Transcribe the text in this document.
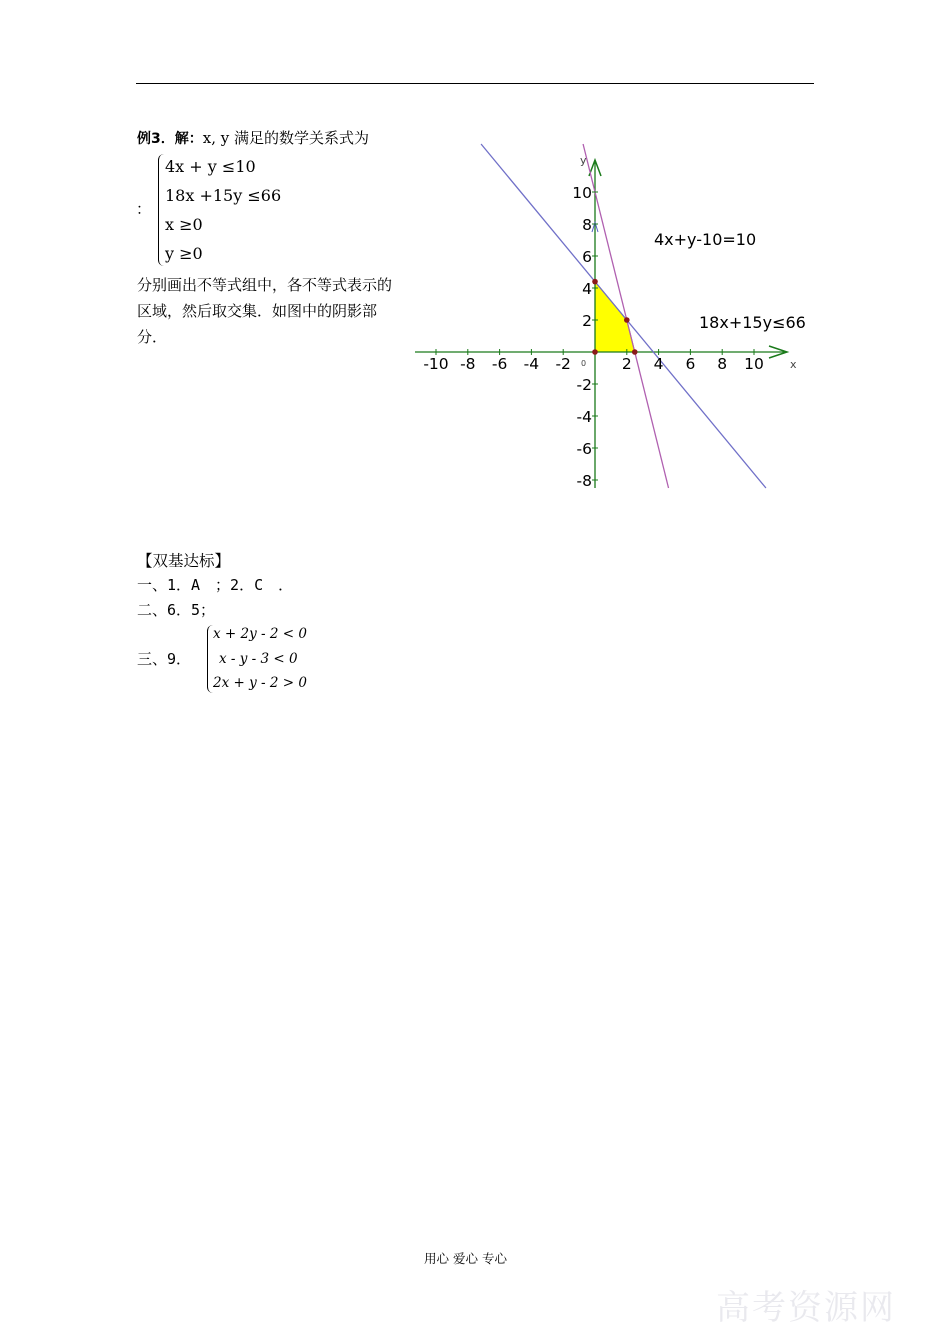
例3．解：x, y 满足的数学关系式为
：
4x + y ≤10
18x +15y ≤66
x ≥0
y ≥0
分别画出不等式组中，各不等式表示的区域，然后取交集．如图中的阴影部分．
-10 -8 -6 -4 -2	2 4 6 8 10
10
8
6
4
2
-2
-4
-6
-8
x
y
0
4x+y-10=10
18x+15y≤66
【双基达标】
一、1．A　；2．C　．
二、6．5；
三、9．
x + 2y - 2 < 0
x - y - 3 < 0
2x + y - 2 > 0
用心 爱心 专心
高考资源网
